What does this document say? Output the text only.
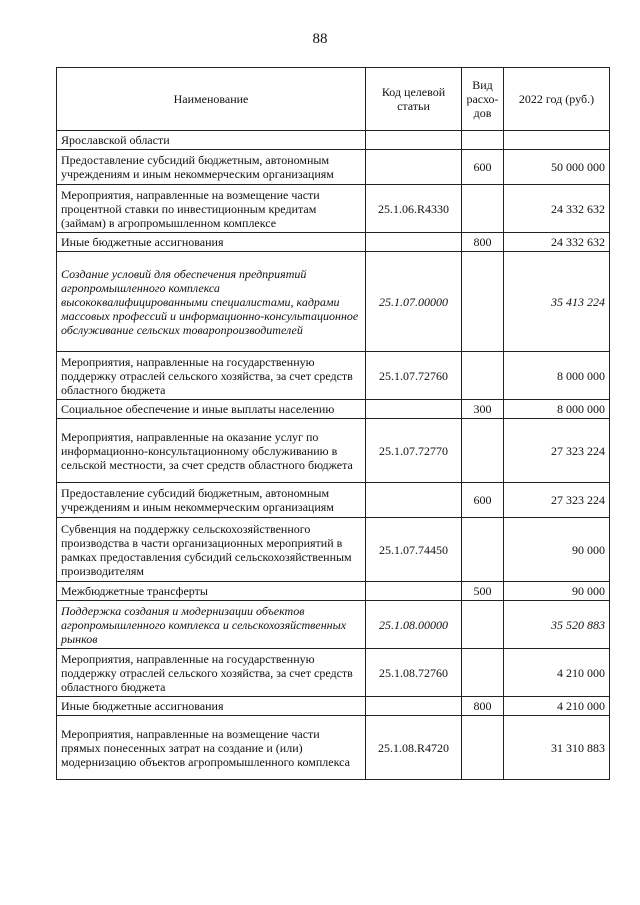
88
Наименование	Код целевой статьи	Вид расхо-дов	2022 год (руб.)
Ярославской области			
Предоставление субсидий бюджетным, автономным учреждениям и иным некоммерческим организациям		600	50 000 000
Мероприятия, направленные на возмещение части процентной ставки по инвестиционным кредитам (займам) в агропромышленном комплексе	25.1.06.R4330		24 332 632
Иные бюджетные ассигнования		800	24 332 632
Создание условий для обеспечения предприятий агропромышленного комплекса высококвалифицированными специалистами, кадрами массовых профессий и информационно-консультационное обслуживание сельских товаропроизводителей	25.1.07.00000		35 413 224
Мероприятия, направленные на государственную поддержку отраслей сельского хозяйства, за счет средств областного бюджета	25.1.07.72760		8 000 000
Социальное обеспечение и иные выплаты населению		300	8 000 000
Мероприятия, направленные на оказание услуг по информационно-консультационному обслуживанию в сельской местности, за счет средств областного бюджета	25.1.07.72770		27 323 224
Предоставление субсидий бюджетным, автономным учреждениям и иным некоммерческим организациям		600	27 323 224
Субвенция на поддержку сельскохозяйственного производства в части организационных мероприятий в рамках предоставления субсидий сельскохозяйственным производителям	25.1.07.74450		90 000
Межбюджетные трансферты		500	90 000
Поддержка создания и модернизации объектов агропромышленного комплекса и сельскохозяйственных рынков	25.1.08.00000		35 520 883
Мероприятия, направленные на государственную поддержку отраслей сельского хозяйства, за счет средств областного бюджета	25.1.08.72760		4 210 000
Иные бюджетные ассигнования		800	4 210 000
Мероприятия, направленные на возмещение части прямых понесенных затрат на создание и (или) модернизацию объектов агропромышленного комплекса	25.1.08.R4720		31 310 883
